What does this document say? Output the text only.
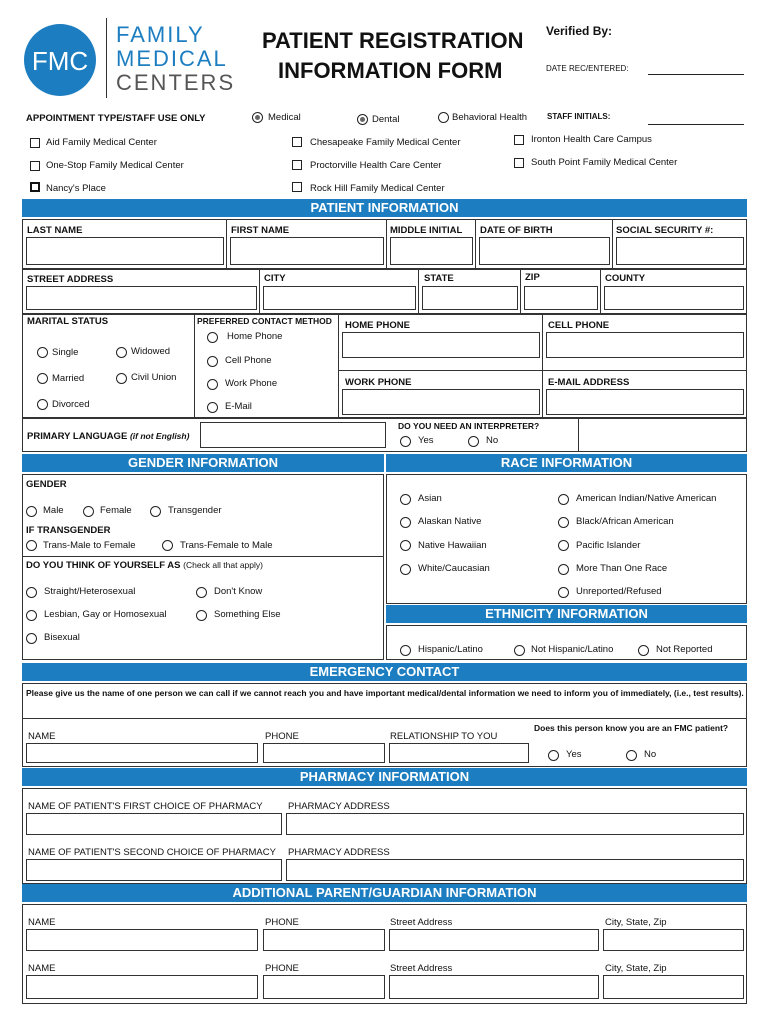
FMC
FAMILY
MEDICAL
CENTERS
PATIENT REGISTRATION
INFORMATION FORM
Verified By:
DATE REC/ENTERED:
STAFF INITIALS:
APPOINTMENT TYPE/STAFF USE ONLY	Medical	Dental	Behavioral Health
Aid Family Medical Center
One-Stop Family Medical Center
Nancy's Place
Chesapeake Family Medical Center
Proctorville Health Care Center
Rock Hill Family Medical Center
Ironton Health Care Campus
South Point Family Medical Center
PATIENT INFORMATION
LAST NAME	FIRST NAME	MIDDLE INITIAL DATE OF BIRTH	SOCIAL SECURITY #:
STREET ADDRESS	CITY	STATE	ZIP	COUNTY
MARITAL STATUS
Single	Widowed
Married	Civil Union
Divorced
PREFERRED CONTACT METHOD
Home Phone
Cell Phone
Work Phone
E-Mail
HOME PHONE	CELL PHONE
WORK PHONE	E-MAIL ADDRESS
PRIMARY LANGUAGE (if not English)
DO YOU NEED AN INTERPRETER?
Yes	No
GENDER INFORMATION	RACE INFORMATION
GENDER
Male	Female	Transgender
IF TRANSGENDER
Trans-Male to Female	Trans-Female to Male
DO YOU THINK OF YOURSELF AS (Check all that apply)
Straight/Heterosexual	Don't Know
Lesbian, Gay or Homosexual	Something Else
Bisexual
Asian	American Indian/Native American
Alaskan Native	Black/African American
Native Hawaiian	Pacific Islander
White/Caucasian	More Than One Race
Unreported/Refused
ETHNICITY INFORMATION
Hispanic/Latino	Not Hispanic/Latino	Not Reported
EMERGENCY CONTACT
Please give us the name of one person we can call if we cannot reach you and have important medical/dental information we need to inform you of immediately, (i.e., test results).
NAME	PHONE	RELATIONSHIP TO YOU
Does this person know you are an FMC patient?
Yes	No
PHARMACY INFORMATION
NAME OF PATIENT'S FIRST CHOICE OF PHARMACY	PHARMACY ADDRESS
NAME OF PATIENT'S SECOND CHOICE OF PHARMACY PHARMACY ADDRESS
ADDITIONAL PARENT/GUARDIAN INFORMATION
NAME	PHONE	Street Address	City, State, Zip
NAME	PHONE	Street Address	City, State, Zip
